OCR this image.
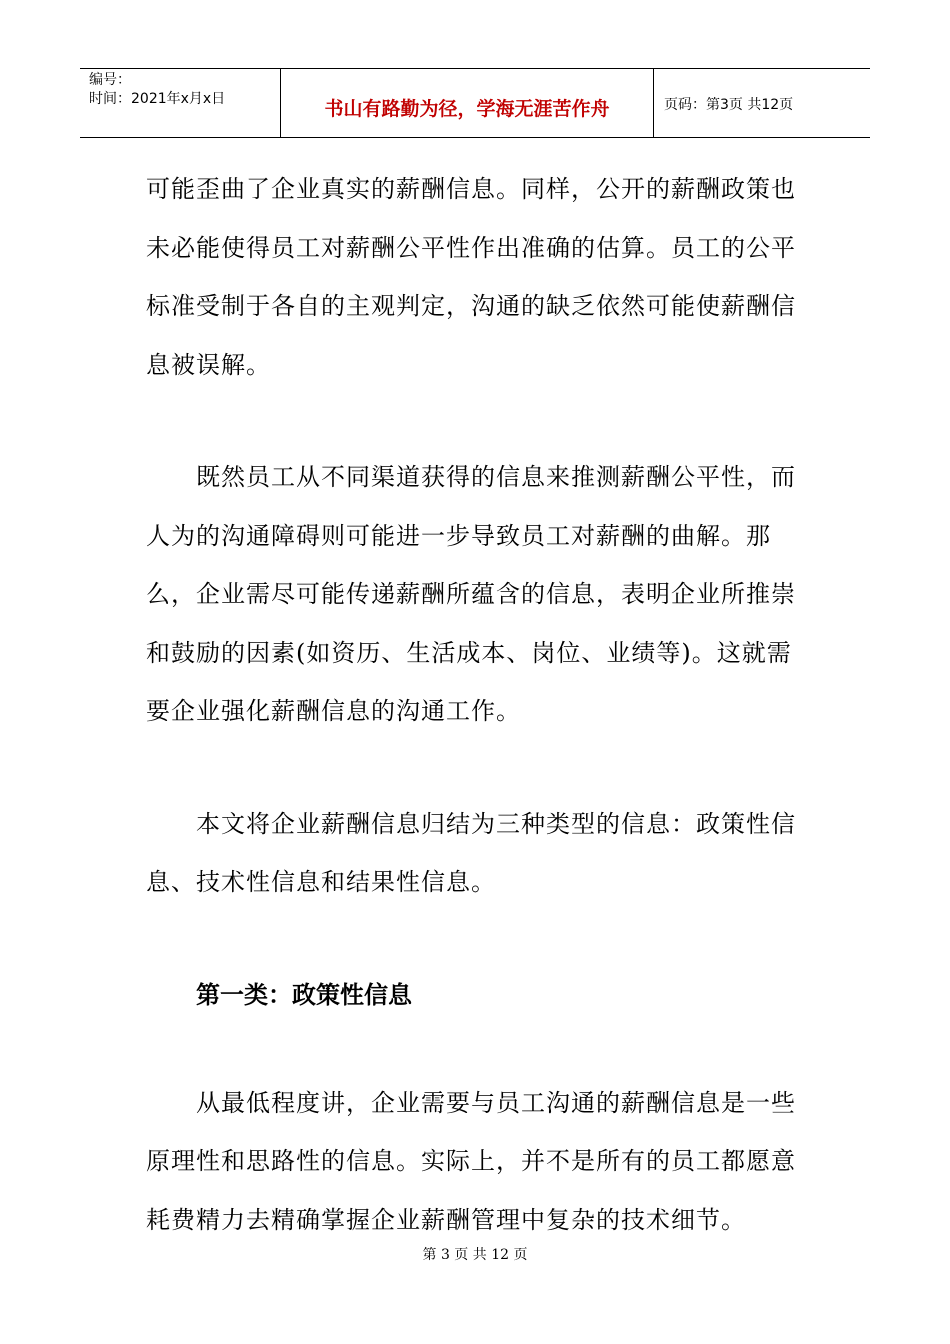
编号：
时间：2021年x月x日	书山有路勤为径，学海无涯苦作舟	页码：第3页 共12页

可能歪曲了企业真实的薪酬信息。同样，公开的薪酬政策也未必能使得员工对薪酬公平性作出准确的估算。员工的公平标准受制于各自的主观判定，沟通的缺乏依然可能使薪酬信息被误解。

既然员工从不同渠道获得的信息来推测薪酬公平性，而人为的沟通障碍则可能进一步导致员工对薪酬的曲解。那么，企业需尽可能传递薪酬所蕴含的信息，表明企业所推崇和鼓励的因素(如资历、生活成本、岗位、业绩等)。这就需要企业强化薪酬信息的沟通工作。

本文将企业薪酬信息归结为三种类型的信息：政策性信息、技术性信息和结果性信息。

第一类：政策性信息

从最低程度讲，企业需要与员工沟通的薪酬信息是一些原理性和思路性的信息。实际上，并不是所有的员工都愿意耗费精力去精确掌握企业薪酬管理中复杂的技术细节。

第 3 页 共 12 页
